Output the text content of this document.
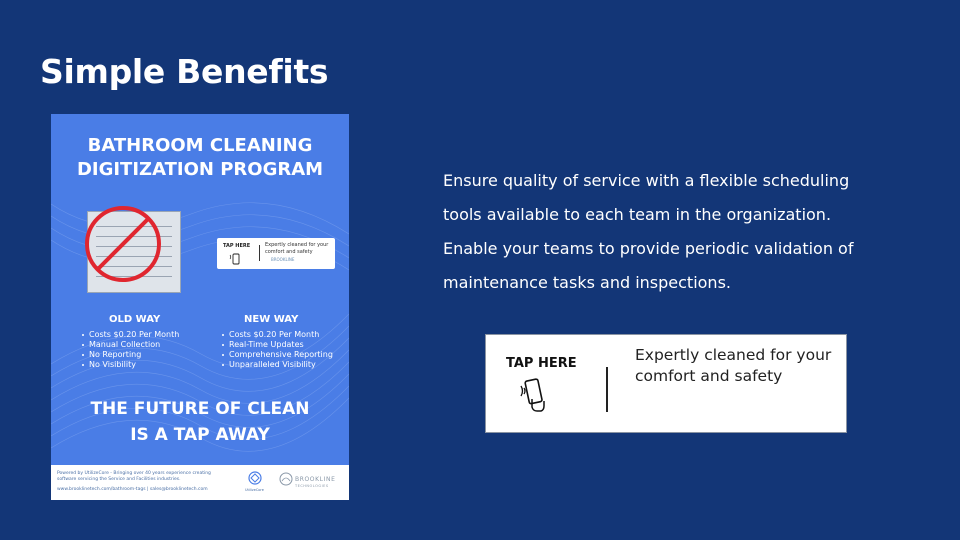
Simple Benefits
BATHROOM CLEANING
DIGITIZATION PROGRAM
TAP HERE	Expertly cleaned for your comfort and safety
BROOKLINE
OLD WAY
Costs $0.20 Per Month
Manual Collection
No Reporting
No Visibility
NEW WAY
Costs $0.20 Per Month
Real-Time Updates
Comprehensive Reporting
Unparalleled Visibility
THE FUTURE OF CLEAN
IS A TAP AWAY
Powered by UtilizeCore - Bringing over 40 years experience creating software servicing the Service and Facilities industries.
www.brooklinetech.com/bathroom-tags | sales@brooklinetech.com	UtilizeCore
BROOKLINE
TECHNOLOGIES
Ensure quality of service with a flexible scheduling
tools available to each team in the organization.
Enable your teams to provide periodic validation of
maintenance tasks and inspections.
TAP HERE	Expertly cleaned for your
comfort and safety
